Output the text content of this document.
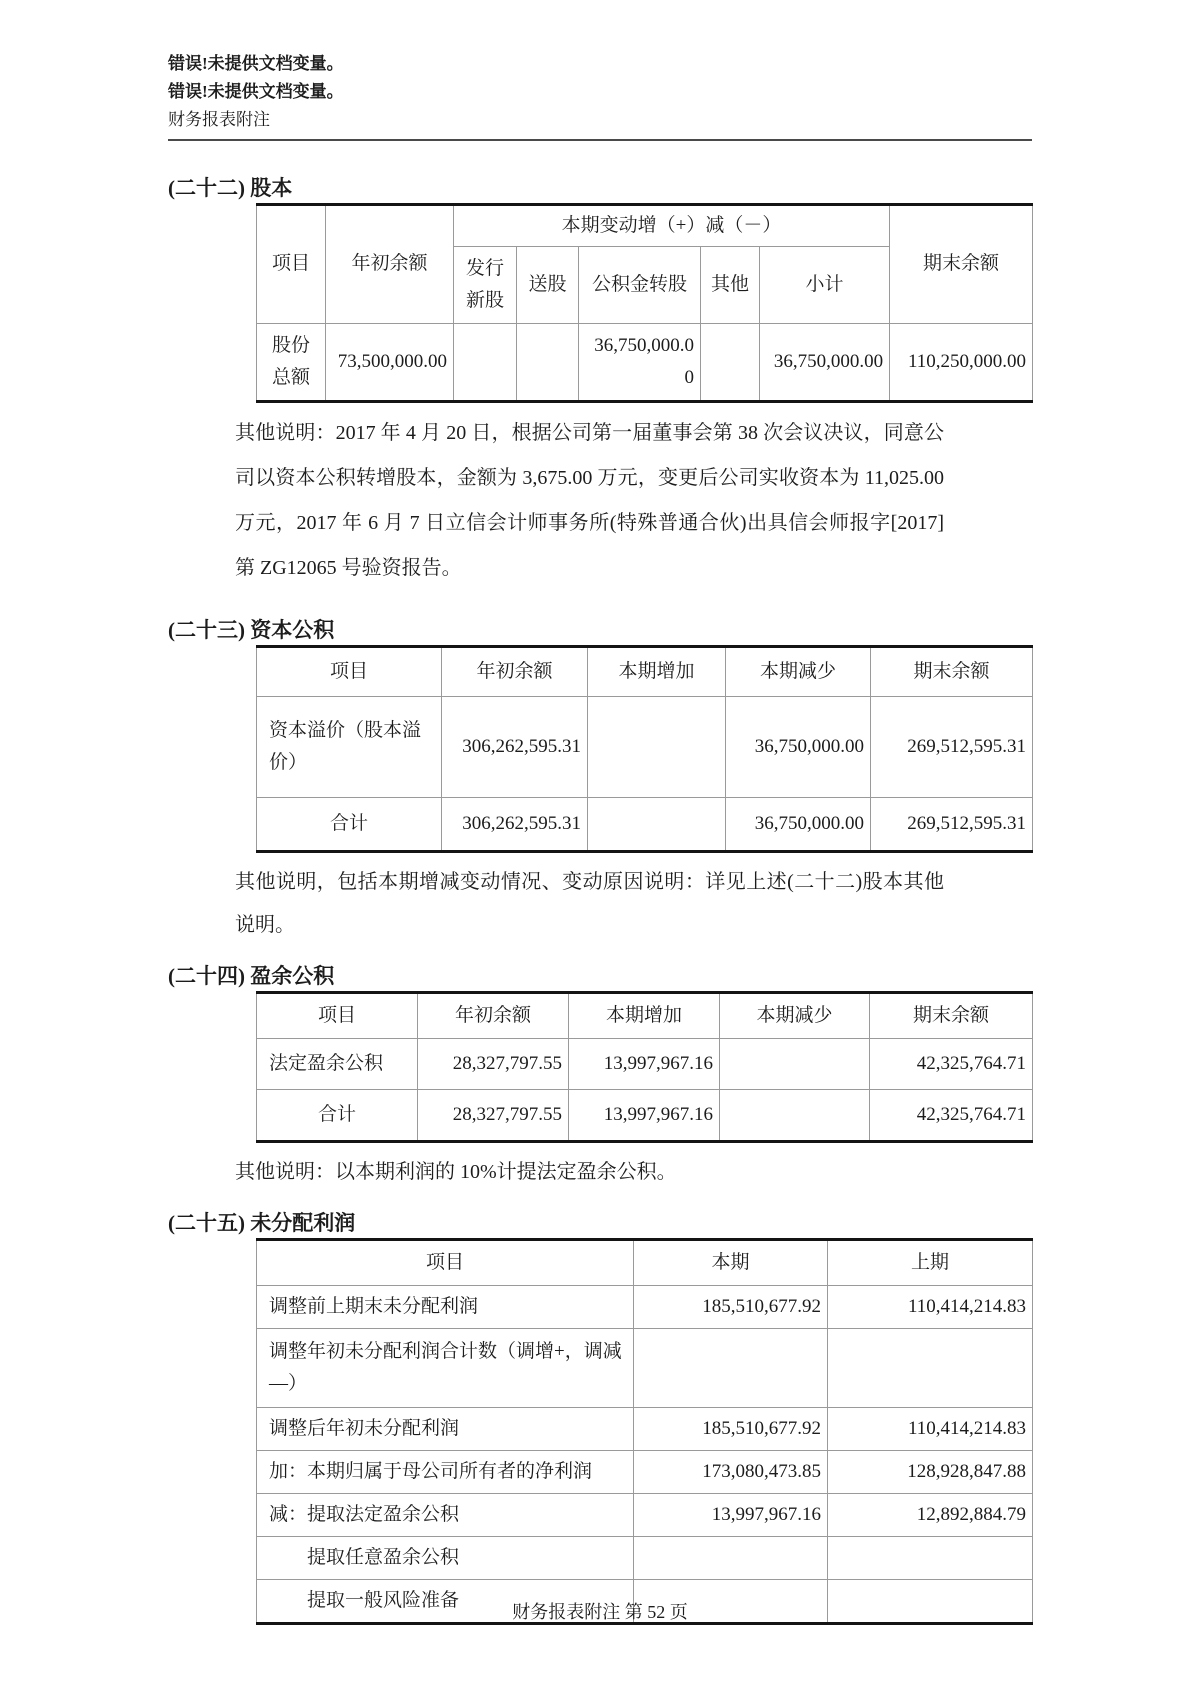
错误!未提供文档变量。
错误!未提供文档变量。
财务报表附注
(二十二) 股本
项目	年初余额	本期变动增（+）减（－）					期末余额
		发行新股	送股	公积金转股	其他	小计	
股份总额	73,500,000.00			36,750,000.00		36,750,000.00	110,250,000.00

其他说明：2017 年 4 月 20 日，根据公司第一届董事会第 38 次会议决议，同意公司以资本公积转增股本，金额为 3,675.00 万元，变更后公司实收资本为 11,025.00 万元，2017 年 6 月 7 日立信会计师事务所(特殊普通合伙)出具信会师报字[2017]第 ZG12065 号验资报告。

(二十三) 资本公积
项目	年初余额	本期增加	本期减少	期末余额
资本溢价（股本溢价）	306,262,595.31		36,750,000.00	269,512,595.31
合计	306,262,595.31		36,750,000.00	269,512,595.31

其他说明，包括本期增减变动情况、变动原因说明：详见上述(二十二)股本其他说明。

(二十四) 盈余公积
项目	年初余额	本期增加	本期减少	期末余额
法定盈余公积	28,327,797.55	13,997,967.16		42,325,764.71
合计	28,327,797.55	13,997,967.16		42,325,764.71

其他说明：以本期利润的 10%计提法定盈余公积。

(二十五) 未分配利润
项目	本期	上期
调整前上期末未分配利润	185,510,677.92	110,414,214.83
调整年初未分配利润合计数（调增+，调减—）		
调整后年初未分配利润	185,510,677.92	110,414,214.83
加：本期归属于母公司所有者的净利润	173,080,473.85	128,928,847.88
减：提取法定盈余公积	13,997,967.16	12,892,884.79
提取任意盈余公积		
提取一般风险准备		
财务报表附注 第 52 页
